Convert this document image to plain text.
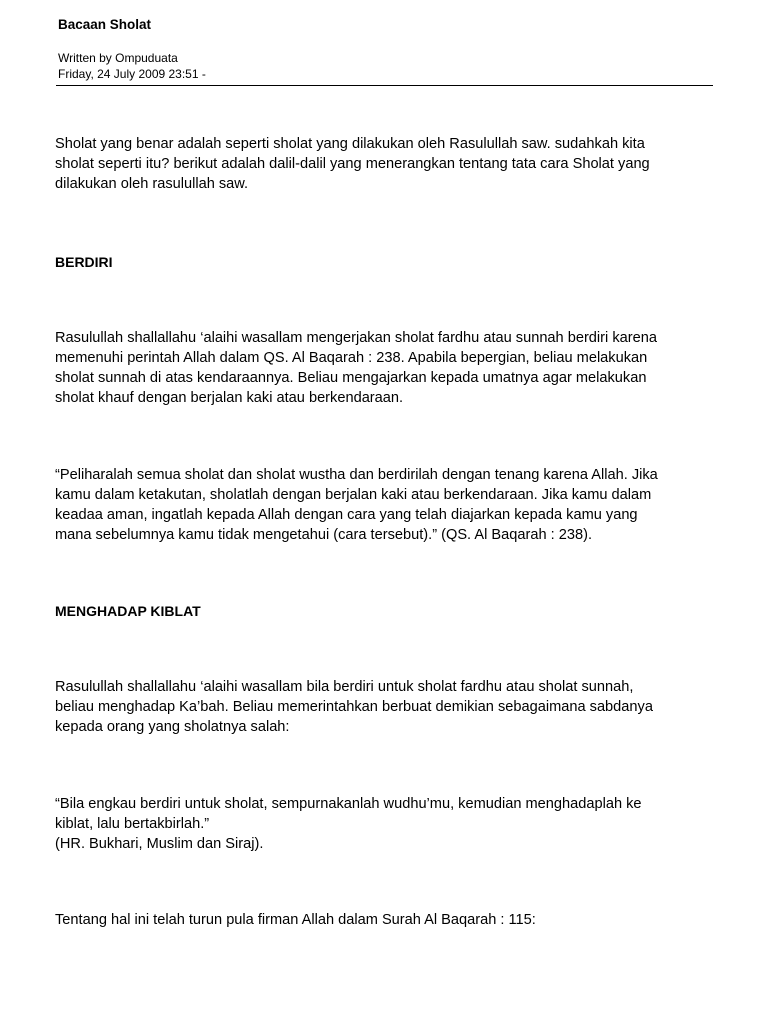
Bacaan Sholat
Written by Ompuduata
Friday, 24 July 2009 23:51 -

Sholat yang benar adalah seperti sholat yang dilakukan oleh Rasulullah saw. sudahkah kita
sholat seperti itu? berikut adalah dalil-dalil yang menerangkan tentang tata cara Sholat yang
dilakukan oleh rasulullah saw.

BERDIRI

Rasulullah shallallahu ‘alaihi wasallam mengerjakan sholat fardhu atau sunnah berdiri karena
memenuhi perintah Allah dalam QS. Al Baqarah : 238. Apabila bepergian, beliau melakukan
sholat sunnah di atas kendaraannya. Beliau mengajarkan kepada umatnya agar melakukan
sholat khauf dengan berjalan kaki atau berkendaraan.

“Peliharalah semua sholat dan sholat wustha dan berdirilah dengan tenang karena Allah. Jika
kamu dalam ketakutan, sholatlah dengan berjalan kaki atau berkendaraan. Jika kamu dalam
keadaa aman, ingatlah kepada Allah dengan cara yang telah diajarkan kepada kamu yang
mana sebelumnya kamu tidak mengetahui (cara tersebut).” (QS. Al Baqarah : 238).

MENGHADAP KIBLAT

Rasulullah shallallahu ‘alaihi wasallam bila berdiri untuk sholat fardhu atau sholat sunnah,
beliau menghadap Ka’bah. Beliau memerintahkan berbuat demikian sebagaimana sabdanya
kepada orang yang sholatnya salah:

“Bila engkau berdiri untuk sholat, sempurnakanlah wudhu’mu, kemudian menghadaplah ke
kiblat, lalu bertakbirlah.”
(HR. Bukhari, Muslim dan Siraj).

Tentang hal ini telah turun pula firman Allah dalam Surah Al Baqarah : 115:
